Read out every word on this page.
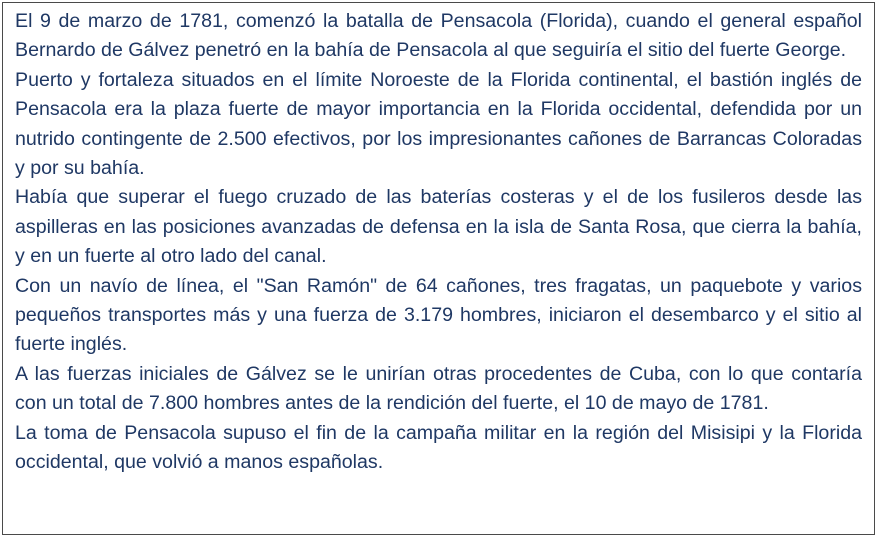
El 9 de marzo de 1781, comenzó la batalla de Pensacola (Florida), cuando el general español Bernardo de Gálvez penetró en la bahía de Pensacola al que seguiría el sitio del fuerte George.

Puerto y fortaleza situados en el límite Noroeste de la Florida continental, el bastión inglés de Pensacola era la plaza fuerte de mayor importancia en la Florida occidental, defendida por un nutrido contingente de 2.500 efectivos, por los impresionantes cañones de Barrancas Coloradas y por su bahía.

Había que superar el fuego cruzado de las baterías costeras y el de los fusileros desde las aspilleras en las posiciones avanzadas de defensa en la isla de Santa Rosa, que cierra la bahía, y en un fuerte al otro lado del canal.

Con un navío de línea, el "San Ramón" de 64 cañones, tres fragatas, un paquebote y varios pequeños transportes más y una fuerza de 3.179 hombres, iniciaron el desembarco y el sitio al fuerte inglés.

A las fuerzas iniciales de Gálvez se le unirían otras procedentes de Cuba, con lo que contaría con un total de 7.800 hombres antes de la rendición del fuerte, el 10 de mayo de 1781.

La toma de Pensacola supuso el fin de la campaña militar en la región del Misisipi y la Florida occidental, que volvió a manos españolas.
